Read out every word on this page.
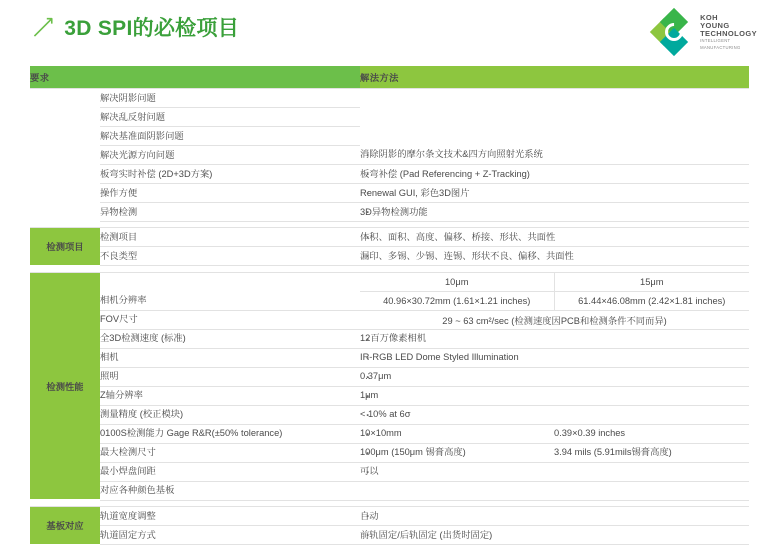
⟶ 3D SPI的必检项目	KOH
YOUNG
TECHNOLOGY
INTELLIGENT
MANUFACTURING
要求		解法方法	
	解决阴影问题		
	解决乱反射问题		
	解决基准面阴影问题		
	解决光源方向问题	· 消除阴影的摩尔条文技术&四方向照射光系统
	板弯实时补偿 (2D+3D方案)	· 板弯补偿 (Pad Referencing + Z-Tracking)
	操作方便	· Renewal GUI, 彩色3D图片
	异物检测	· 3D异物检测功能

检测项目	检测项目	· 体积、面积、高度、偏移、桥接、形状、共面性
	不良类型	· 漏印、多锡、少锡、连锡、形状不良、偏移、共面性

检测性能		10μm	15μm
	相机分辨率	40.96×30.72mm (1.61×1.21 inches)	61.44×46.08mm (2.42×1.81 inches)
	FOV尺寸	29 ~ 63 cm²/sec (检测速度因PCB和检测条件不同而异)	
	全3D检测速度 (标准)	· 12百万像素相机
	相机	· IR-RGB LED Dome Styled Illumination
	照明	· 0.37μm
	Z轴分辨率	· 1μm
	测量精度 (校正模块)	· < 10% at 6σ
	0100S检测能力 Gage R&R(±50% tolerance)	· 10×10mm	0.39×0.39 inches
	最大检测尺寸	· 100μm (150μm 锡膏高度)	3.94 mils (5.91mils锡膏高度)
	最小焊盘间距	· 可以
	对应各种颜色基板		

基板对应	轨道宽度调整	· 自动
	轨道固定方式	· 前轨固定/后轨固定 (出货时固定)
